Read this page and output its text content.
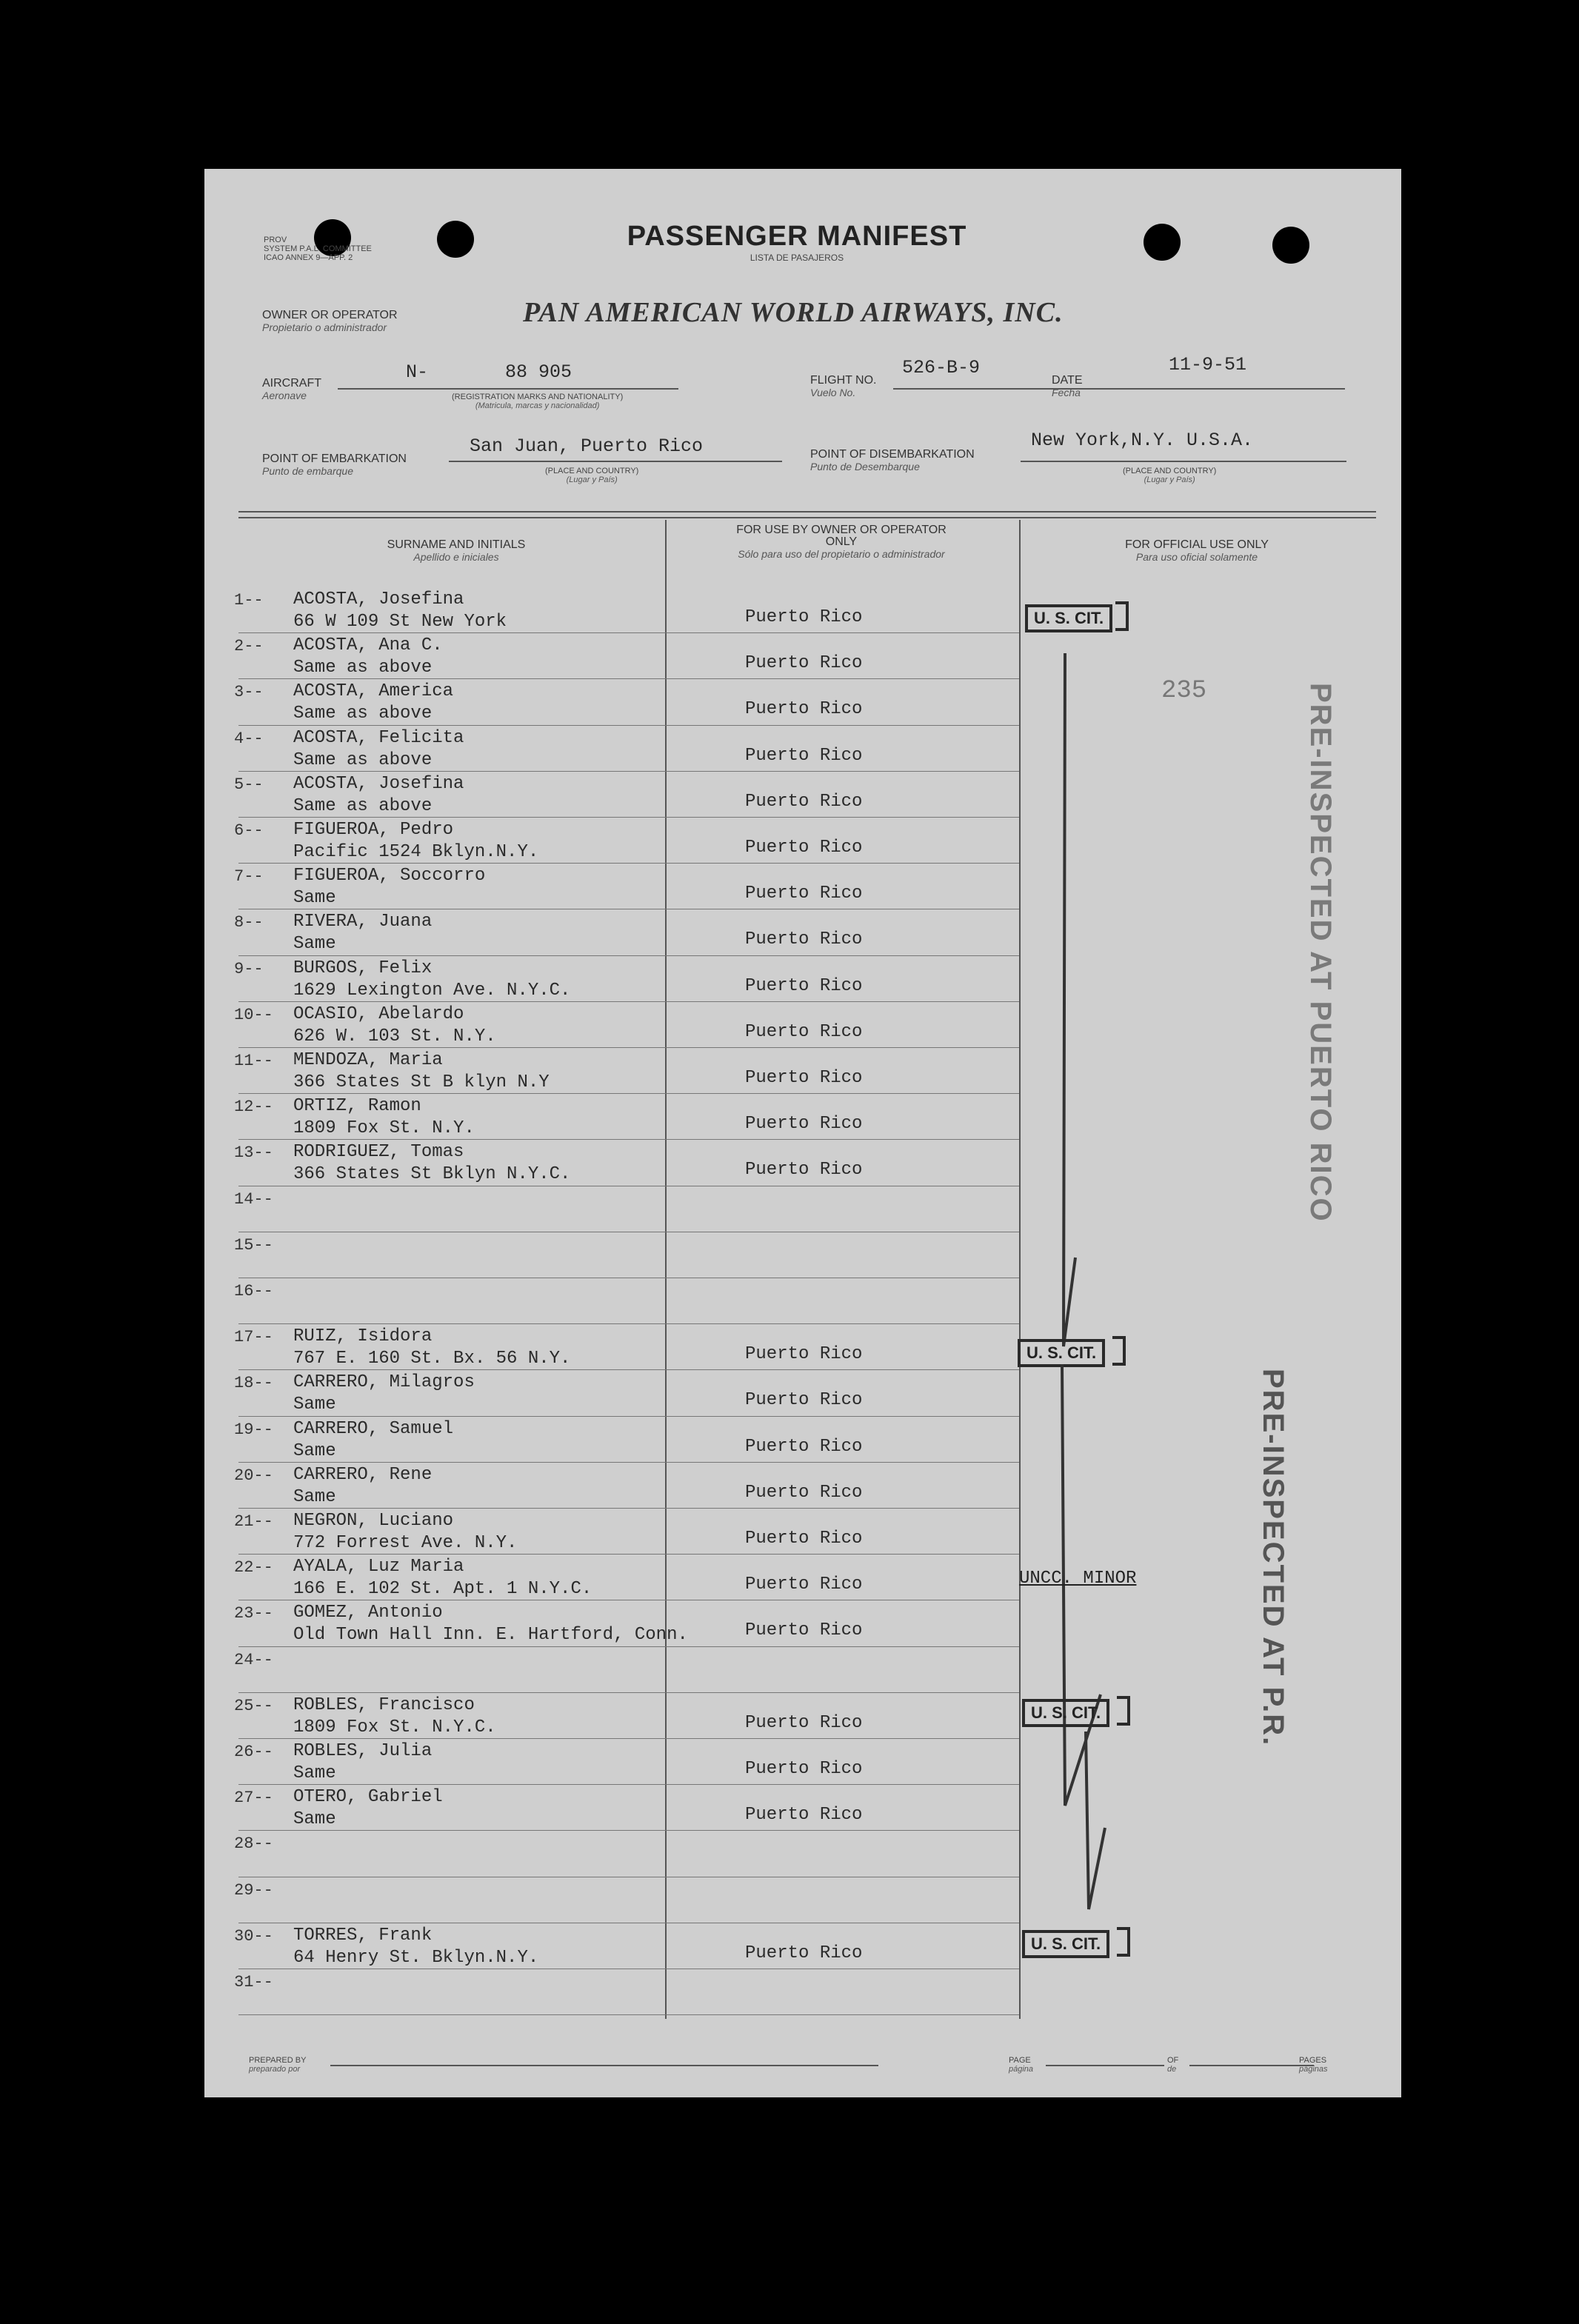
PROV
SYSTEM P.A.L. COMMITTEE
ICAO ANNEX 9—APP. 2
PASSENGER MANIFEST
LISTA DE PASAJEROS
OWNER OR OPERATOR
Propietario o administrador	PAN AMERICAN WORLD AIRWAYS, INC.
AIRCRAFT
Aeronave
N-	88 905
(REGISTRATION MARKS AND NATIONALITY)
(Matricula, marcas y nacionalidad)
FLIGHT NO.
Vuelo No.
526-B-9
DATE
Fecha
11-9-51
POINT OF EMBARKATION
Punto de embarque
San Juan, Puerto Rico
(PLACE AND COUNTRY)
(Lugar y País)
POINT OF DISEMBARKATION
Punto de Desembarque
New York,N.Y. U.S.A.
(PLACE AND COUNTRY)
(Lugar y País)
SURNAME AND INITIALS
Apellido e iniciales
FOR USE BY OWNER OR OPERATOR ONLY
Sólo para uso del propietario o administrador
FOR OFFICIAL USE ONLY
Para uso oficial solamente
1-- ACOSTA, Josefina
66 W 109 St New York	Puerto Rico
2-- ACOSTA, Ana C.
Same as above	Puerto Rico
3-- ACOSTA, America
Same as above	Puerto Rico
4-- ACOSTA, Felicita
Same as above	Puerto Rico
5-- ACOSTA, Josefina
Same as above	Puerto Rico
6-- FIGUEROA, Pedro
Pacific 1524 Bklyn.N.Y.	Puerto Rico
7-- FIGUEROA, Soccorro
Same	Puerto Rico
8-- RIVERA, Juana
Same	Puerto Rico
9-- BURGOS, Felix
1629 Lexington Ave. N.Y.C.	Puerto Rico
10-- OCASIO, Abelardo
626 W. 103 St. N.Y.	Puerto Rico
11-- MENDOZA, Maria
366 States St B klyn N.Y	Puerto Rico
12-- ORTIZ, Ramon
1809 Fox St. N.Y.	Puerto Rico
13-- RODRIGUEZ, Tomas
366 States St Bklyn N.Y.C.	Puerto Rico
14--
15--
16--
17-- RUIZ, Isidora
767 E. 160 St. Bx. 56 N.Y.	Puerto Rico
18-- CARRERO, Milagros
Same	Puerto Rico
19-- CARRERO, Samuel
Same	Puerto Rico
20-- CARRERO, Rene
Same	Puerto Rico
21-- NEGRON, Luciano
772 Forrest Ave. N.Y.	Puerto Rico
22-- AYALA, Luz Maria
166 E. 102 St. Apt. 1 N.Y.C.	Puerto Rico
23-- GOMEZ, Antonio
Old Town Hall Inn. E. Hartford, Conn.	Puerto Rico
24--
25-- ROBLES, Francisco
1809 Fox St. N.Y.C.	Puerto Rico
26-- ROBLES, Julia
Same	Puerto Rico
27-- OTERO, Gabriel
Same	Puerto Rico
28--
29--
30-- TORRES, Frank
64 Henry St. Bklyn.N.Y.	Puerto Rico
31--
U. S. CIT.
235	PRE-INSPECTED AT PUERTO RICO
U. S. CIT.
UNCC. MINOR	PRE-INSPECTED AT P.R.
U. S. CIT.
U. S. CIT.
PREPARED BY
preparado por
PAGE
página
OF
de
PAGES
páginas
